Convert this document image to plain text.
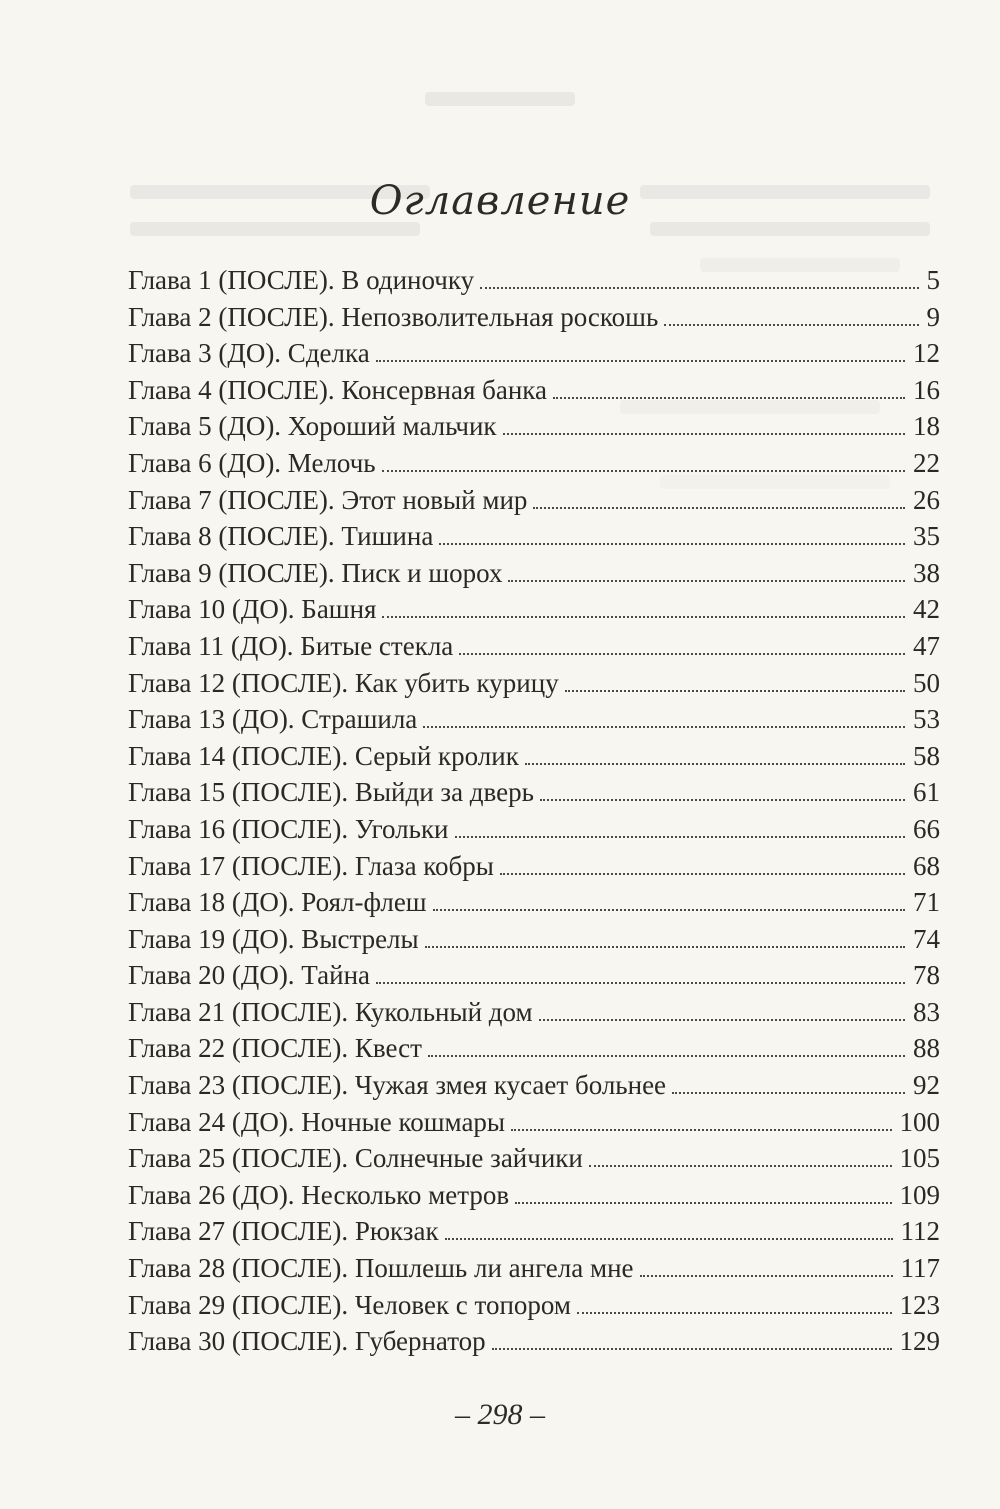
Оглавление
Глава 1 (ПОСЛЕ). В одиночку	5
Глава 2 (ПОСЛЕ). Непозволительная роскошь	9
Глава 3 (ДО). Сделка	12
Глава 4 (ПОСЛЕ). Консервная банка	16
Глава 5 (ДО). Хороший мальчик	18
Глава 6 (ДО). Мелочь	22
Глава 7 (ПОСЛЕ). Этот новый мир	26
Глава 8 (ПОСЛЕ). Тишина	35
Глава 9 (ПОСЛЕ). Писк и шорох	38
Глава 10 (ДО). Башня	42
Глава 11 (ДО). Битые стекла	47
Глава 12 (ПОСЛЕ). Как убить курицу	50
Глава 13 (ДО). Страшила	53
Глава 14 (ПОСЛЕ). Серый кролик	58
Глава 15 (ПОСЛЕ). Выйди за дверь	61
Глава 16 (ПОСЛЕ). Угольки	66
Глава 17 (ПОСЛЕ). Глаза кобры	68
Глава 18 (ДО). Роял-флеш	71
Глава 19 (ДО). Выстрелы	74
Глава 20 (ДО). Тайна	78
Глава 21 (ПОСЛЕ). Кукольный дом	83
Глава 22 (ПОСЛЕ). Квест	88
Глава 23 (ПОСЛЕ). Чужая змея кусает больнее	92
Глава 24 (ДО). Ночные кошмары	100
Глава 25 (ПОСЛЕ). Солнечные зайчики	105
Глава 26 (ДО). Несколько метров	109
Глава 27 (ПОСЛЕ). Рюкзак	112
Глава 28 (ПОСЛЕ). Пошлешь ли ангела мне	117
Глава 29 (ПОСЛЕ). Человек с топором	123
Глава 30 (ПОСЛЕ). Губернатор	129
– 298 –
